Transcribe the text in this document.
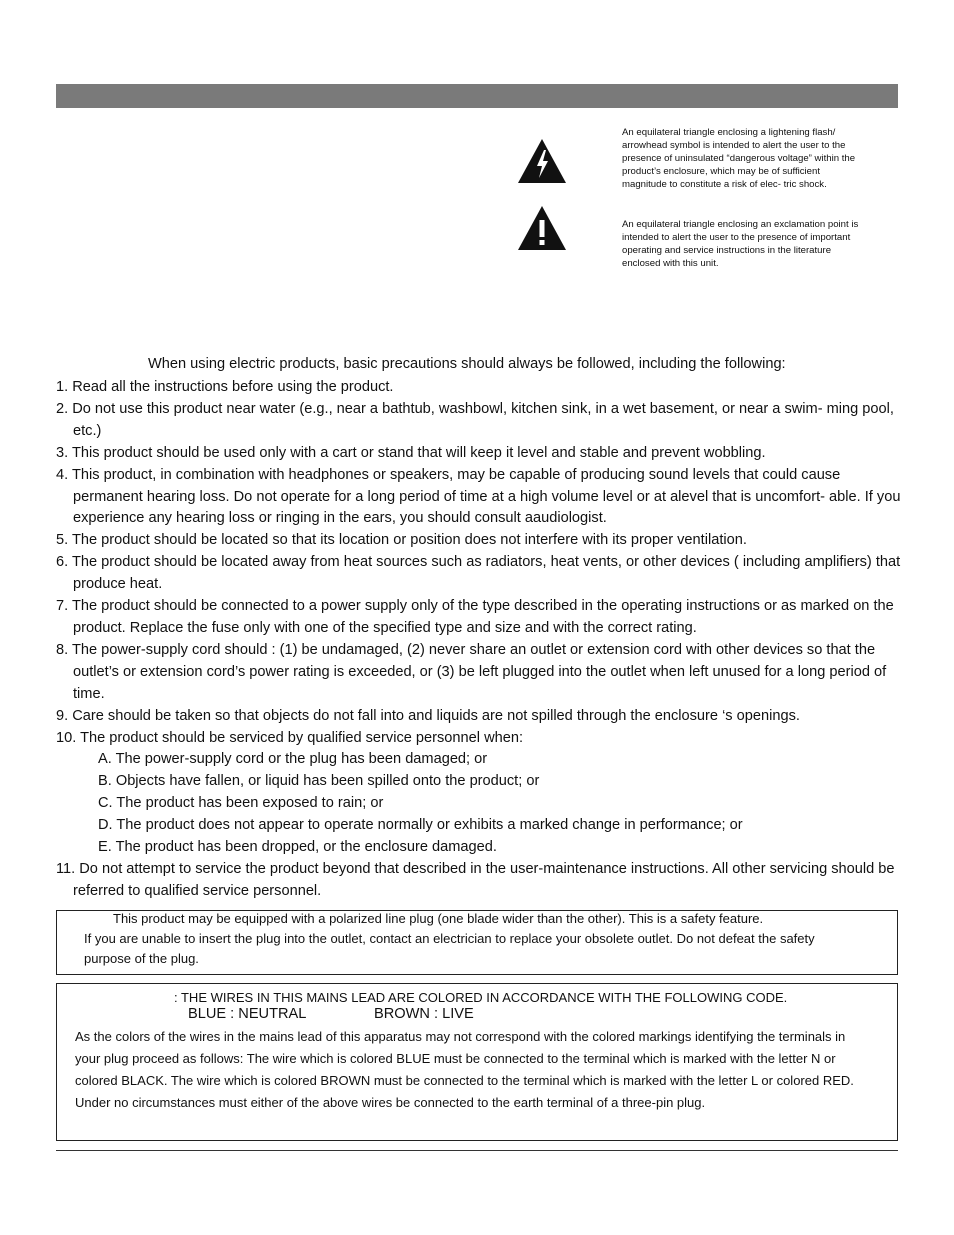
An equilateral triangle enclosing a lightening flash/ arrowhead symbol is intended to alert the user to the presence of uninsulated “dangerous voltage” within the product’s enclosure, which may be of sufficient magnitude to constitute a risk of elec- tric shock.
An equilateral triangle enclosing an exclamation point is intended to alert the user to the presence of important operating and service instructions in the literature enclosed with this unit.
When using electric products, basic precautions should always be followed, including the following:
1. Read all the instructions before using the product.
2. Do not use this product near water (e.g., near a bathtub, washbowl, kitchen sink, in a wet basement, or near a swim- ming pool, etc.)
3. This product should be used only with a cart or stand that will keep it level and stable and prevent wobbling.
4. This product, in combination with headphones or speakers, may be capable of producing sound levels that could cause permanent hearing loss. Do not operate for a long period of time at a high volume level or at alevel that is uncomfort- able. If you experience any hearing loss or ringing in the ears, you should consult aaudiologist.
5. The product should be located so that its location or position does not interfere with its proper ventilation.
6. The product should be located away from heat sources such as radiators, heat vents, or other devices ( including amplifiers) that produce heat.
7. The product should be connected to a power supply only of the type described in the operating instructions or as marked on the product. Replace the fuse only with one of the specified type and size and with the correct rating.
8. The power-supply cord should : (1) be undamaged, (2) never share an outlet or extension cord with other devices so that the outlet’s or extension cord’s power rating is exceeded, or (3) be left plugged into the outlet when left unused for a long period of time.
9. Care should be taken so that objects do not fall into and liquids are not spilled through the enclosure ‘s openings.
10. The product should be serviced by qualified service personnel when:
A. The power-supply cord or the plug has been damaged; or
B. Objects have fallen, or liquid has been spilled onto the product; or
C. The product has been exposed to rain; or
D. The product does not appear to operate normally or exhibits a marked change in performance; or
E. The product has been dropped, or the enclosure damaged.
11. Do not attempt to service the product beyond that described in the user-maintenance instructions. All other servicing should be referred to qualified service personnel.
This product may be equipped with a polarized line plug (one blade wider than the other). This is a safety feature.
If you are unable to insert the plug into the outlet, contact an electrician to replace your obsolete outlet. Do not defeat the safety purpose of the plug.
: THE WIRES IN THIS MAINS LEAD ARE COLORED IN ACCORDANCE WITH THE FOLLOWING CODE.
BLUE : NEUTRAL	BROWN : LIVE
As the colors of the wires in the mains lead of this apparatus may not correspond with the colored markings identifying the terminals in your plug proceed as follows: The wire which is colored BLUE must be connected to the terminal which is marked with the letter N or colored BLACK. The wire which is colored BROWN must be connected to the terminal which is marked with the letter L or colored RED. Under no circumstances must either of the above wires be connected to the earth terminal of a three-pin plug.
